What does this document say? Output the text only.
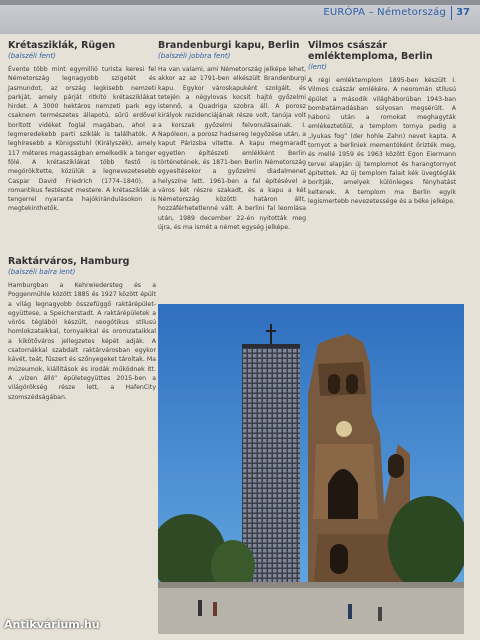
EURÓPA – Németország 37
Krétasziklák, Rügen
(balszéli fent)

Évente több mint egymillió turista keresi fel Németország legnagyobb szigetét és Jasmundot, az ország legkisebb nemzeti parkját, amely párját ritkító krétasziklákat hirdet. A 3000 hektáros nemzeti park egy csaknem természetes állapotú, sűrű erdővel borított vidéket foglal magában, ahol a legmeredekebb parti sziklák is találhatók. A leghíresebb a Königsstuhl (Királyszék), amely 117 méteres magasságban emelkedik a tenger fölé. A krétasziklákat több festő is megörökítette, közülük a legnevezetesebb Caspar David Friedrich (1774–1840), a romantikus festészet mestere. A krétasziklák a tengerrel nyaranta hajókirándulásokon is megtekinthetők.

Raktárváros, Hamburg
(balszéli balra lent)

Hamburgban a Kehrwiedersteg és a Poggenmühle között 1885 és 1927 között épült a világ legnagyobb összefüggő raktárépület-együttese, a Speicherstadt. A raktárépületek a vörös téglából készült, neogótikus stílusú homlokzataikkal, tornyaikkal és oromzataikkal a kikötőváros jellegzetes képét adják. A csatornákkal szabdalt raktárvárosban egykor kávét, teát, fűszert és szőnyegeket tároltak. Ma múzeumok, kiállítások és irodák működnek itt. A „vízen álló” épületegyüttes 2015-ben a világörökség része lett, a HafenCity szomszédságában.

Brandenburgi kapu, Berlin
(balszéli jobbra fent)

Ha van valami, ami Németország jelképe lehet, akkor az az 1791-ben elkészült Brandenburgi kapu. Egykor városkapuként szolgált, és tetején a négylovas kocsit hajtó győzelmi istennő, a Quadriga szobra áll. A porosz királyok rezidenciájának része volt, tanúja volt a korszak győzelmi felvonulásainak. I. Napóleon, a porosz hadsereg legyőzése után, a kaput Párizsba vitette. A kapu megmaradt egyetlen építészeti emlékként Berlin történetének, és 1871-ben Berlin Németország egyesítésekor a győzelmi diadalmenet helyszíne lett. 1961-ben a fal építésével a város két részre szakadt, és a kapu a két Németország közötti határon állt, hozzáférhetetlenné vált. A berlini fal leomlása után, 1989 december 22-én nyitották meg újra, és ma ismét a német egység jelképe.

Vilmos császár emléktemploma, Berlin
(lent)

A régi emléktemplom 1895-ben készült I. Vilmos császár emlékére. A neoromán stílusú épület a második világháborúban 1943-ban bombatámadásban súlyosan megsérült. A háború után a romokat meghagyták emlékeztetőül, a templom tornya pedig a „lyukas fog” (der hohle Zahn) nevet kapta. A tornyot a berliniek mementóként őrizték meg, és mellé 1959 és 1963 között Egon Eiermann tervei alapján új templomot és harangtornyot építettek. Az új templom falait kék üvegtéglák borítják, amelyek különleges fényhatást keltenek. A templom ma Berlin egyik legismertebb nevezetessége és a béke jelképe.

Antikvárium.hu
